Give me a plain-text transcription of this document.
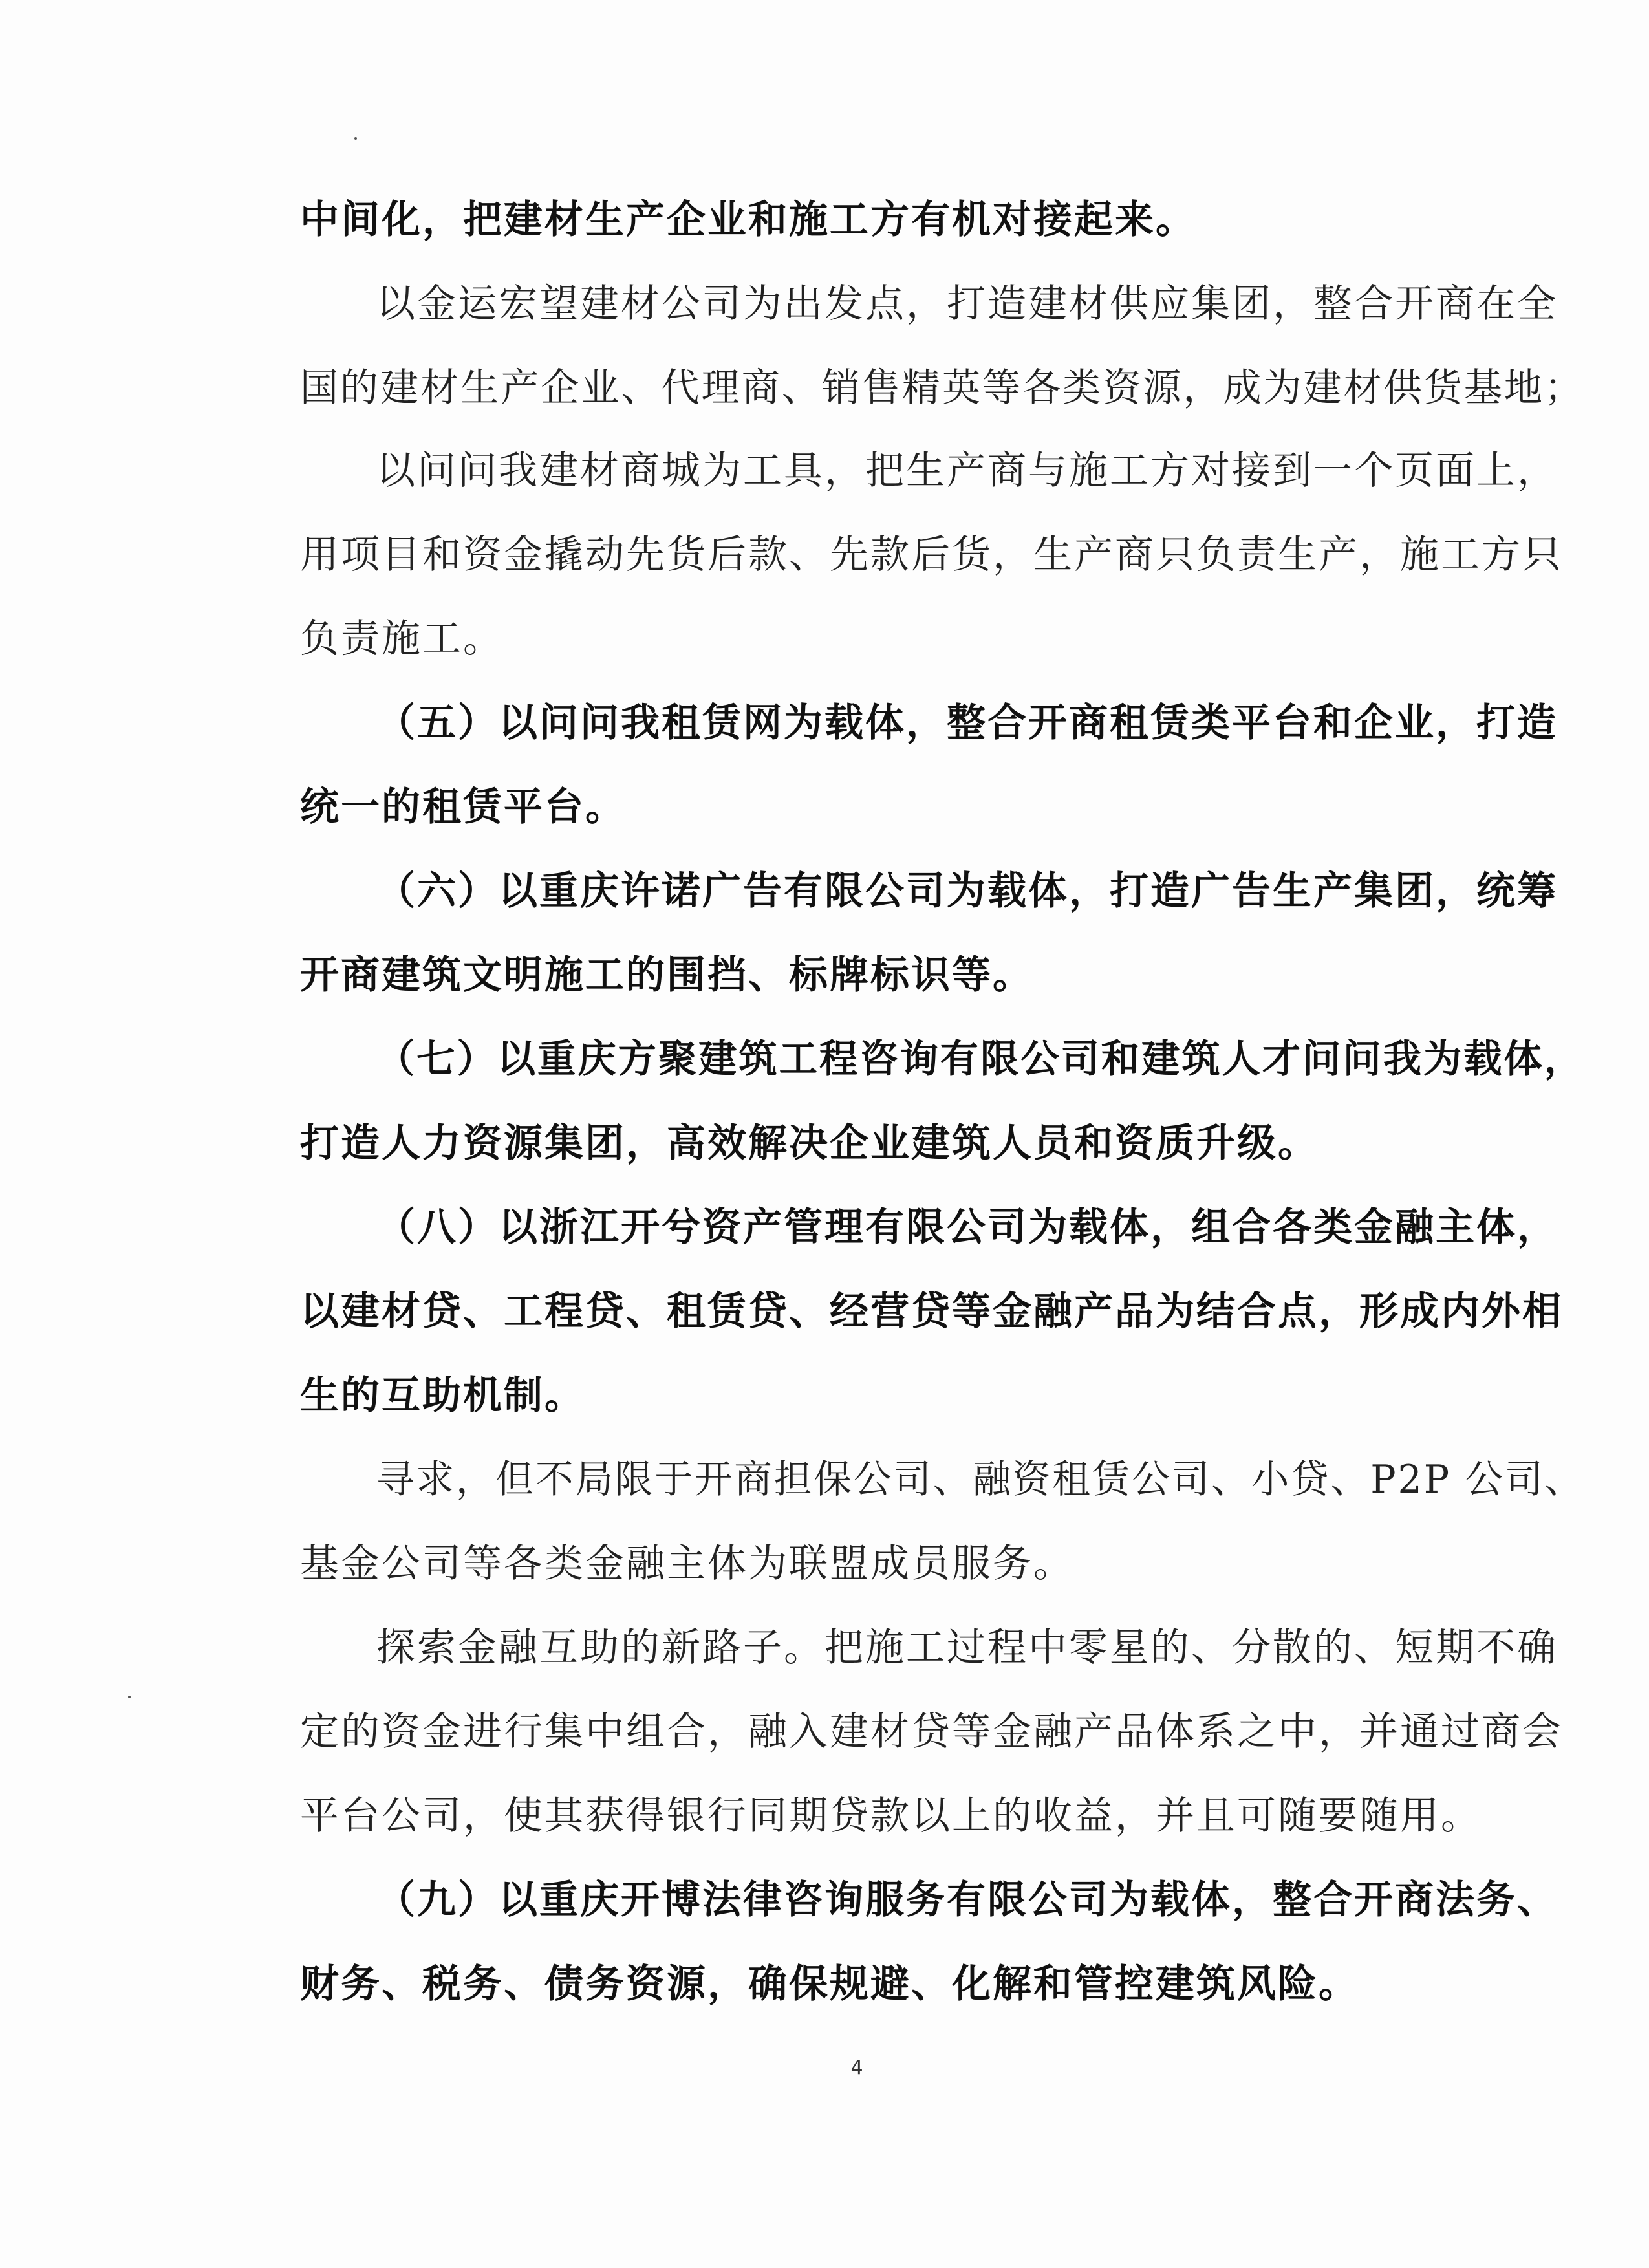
中间化，把建材生产企业和施工方有机对接起来。
以金运宏望建材公司为出发点，打造建材供应集团，整合开商在全
国的建材生产企业、代理商、销售精英等各类资源，成为建材供货基地；
以问问我建材商城为工具，把生产商与施工方对接到一个页面上，
用项目和资金撬动先货后款、先款后货，生产商只负责生产，施工方只
负责施工。
（五）以问问我租赁网为载体，整合开商租赁类平台和企业，打造
统一的租赁平台。
（六）以重庆许诺广告有限公司为载体，打造广告生产集团，统筹
开商建筑文明施工的围挡、标牌标识等。
（七）以重庆方聚建筑工程咨询有限公司和建筑人才问问我为载体，
打造人力资源集团，高效解决企业建筑人员和资质升级。
（八）以浙江开兮资产管理有限公司为载体，组合各类金融主体，
以建材贷、工程贷、租赁贷、经营贷等金融产品为结合点，形成内外相
生的互助机制。
寻求，但不局限于开商担保公司、融资租赁公司、小贷、P2P 公司、
基金公司等各类金融主体为联盟成员服务。
探索金融互助的新路子。把施工过程中零星的、分散的、短期不确
定的资金进行集中组合，融入建材贷等金融产品体系之中，并通过商会
平台公司，使其获得银行同期贷款以上的收益，并且可随要随用。
（九）以重庆开博法律咨询服务有限公司为载体，整合开商法务、
财务、税务、债务资源，确保规避、化解和管控建筑风险。
4
